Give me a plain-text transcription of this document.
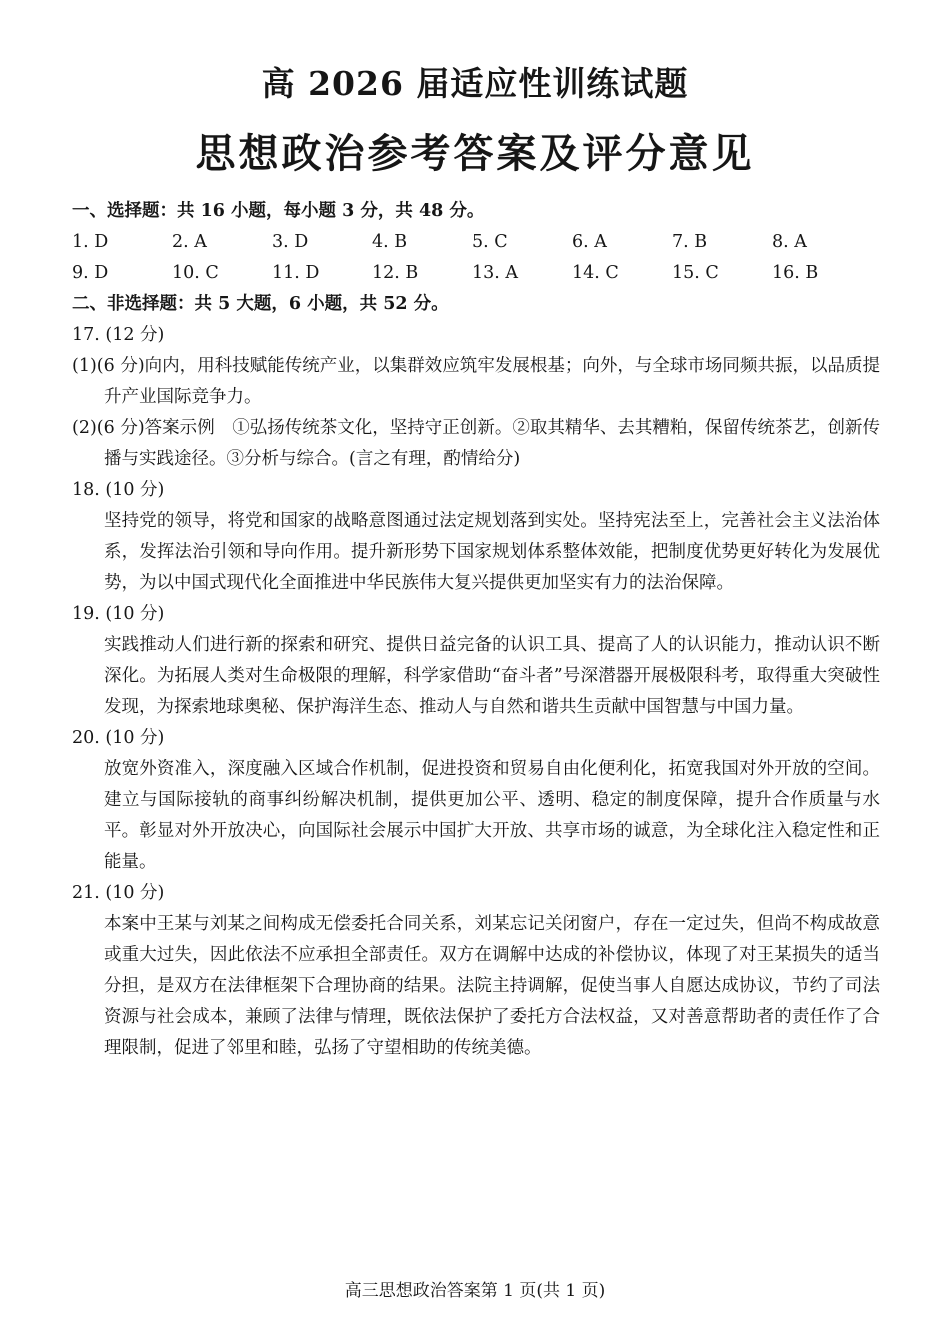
高 2026 届适应性训练试题
思想政治参考答案及评分意见
一、选择题：共 16 小题，每小题 3 分，共 48 分。
1. D	2. A	3. D	4. B	5. C	6. A	7. B	8. A
9. D	10. C	11. D	12. B	13. A	14. C	15. C	16. B
二、非选择题：共 5 大题，6 小题，共 52 分。
17. (12 分)
(1)(6 分)向内，用科技赋能传统产业，以集群效应筑牢发展根基；向外，与全球市场同频共振，以品质提升产业国际竞争力。
(2)(6 分)答案示例　①弘扬传统茶文化，坚持守正创新。②取其精华、去其糟粕，保留传统茶艺，创新传播与实践途径。③分析与综合。(言之有理，酌情给分)
18. (10 分)
坚持党的领导，将党和国家的战略意图通过法定规划落到实处。坚持宪法至上，完善社会主义法治体系，发挥法治引领和导向作用。提升新形势下国家规划体系整体效能，把制度优势更好转化为发展优势，为以中国式现代化全面推进中华民族伟大复兴提供更加坚实有力的法治保障。
19. (10 分)
实践推动人们进行新的探索和研究、提供日益完备的认识工具、提高了人的认识能力，推动认识不断深化。为拓展人类对生命极限的理解，科学家借助“奋斗者”号深潜器开展极限科考，取得重大突破性发现，为探索地球奥秘、保护海洋生态、推动人与自然和谐共生贡献中国智慧与中国力量。
20. (10 分)
放宽外资准入，深度融入区域合作机制，促进投资和贸易自由化便利化，拓宽我国对外开放的空间。建立与国际接轨的商事纠纷解决机制，提供更加公平、透明、稳定的制度保障，提升合作质量与水平。彰显对外开放决心，向国际社会展示中国扩大开放、共享市场的诚意，为全球化注入稳定性和正能量。
21. (10 分)
本案中王某与刘某之间构成无偿委托合同关系，刘某忘记关闭窗户，存在一定过失，但尚不构成故意或重大过失，因此依法不应承担全部责任。双方在调解中达成的补偿协议，体现了对王某损失的适当分担，是双方在法律框架下合理协商的结果。法院主持调解，促使当事人自愿达成协议，节约了司法资源与社会成本，兼顾了法律与情理，既依法保护了委托方合法权益，又对善意帮助者的责任作了合理限制，促进了邻里和睦，弘扬了守望相助的传统美德。
高三思想政治答案第 1 页(共 1 页)
